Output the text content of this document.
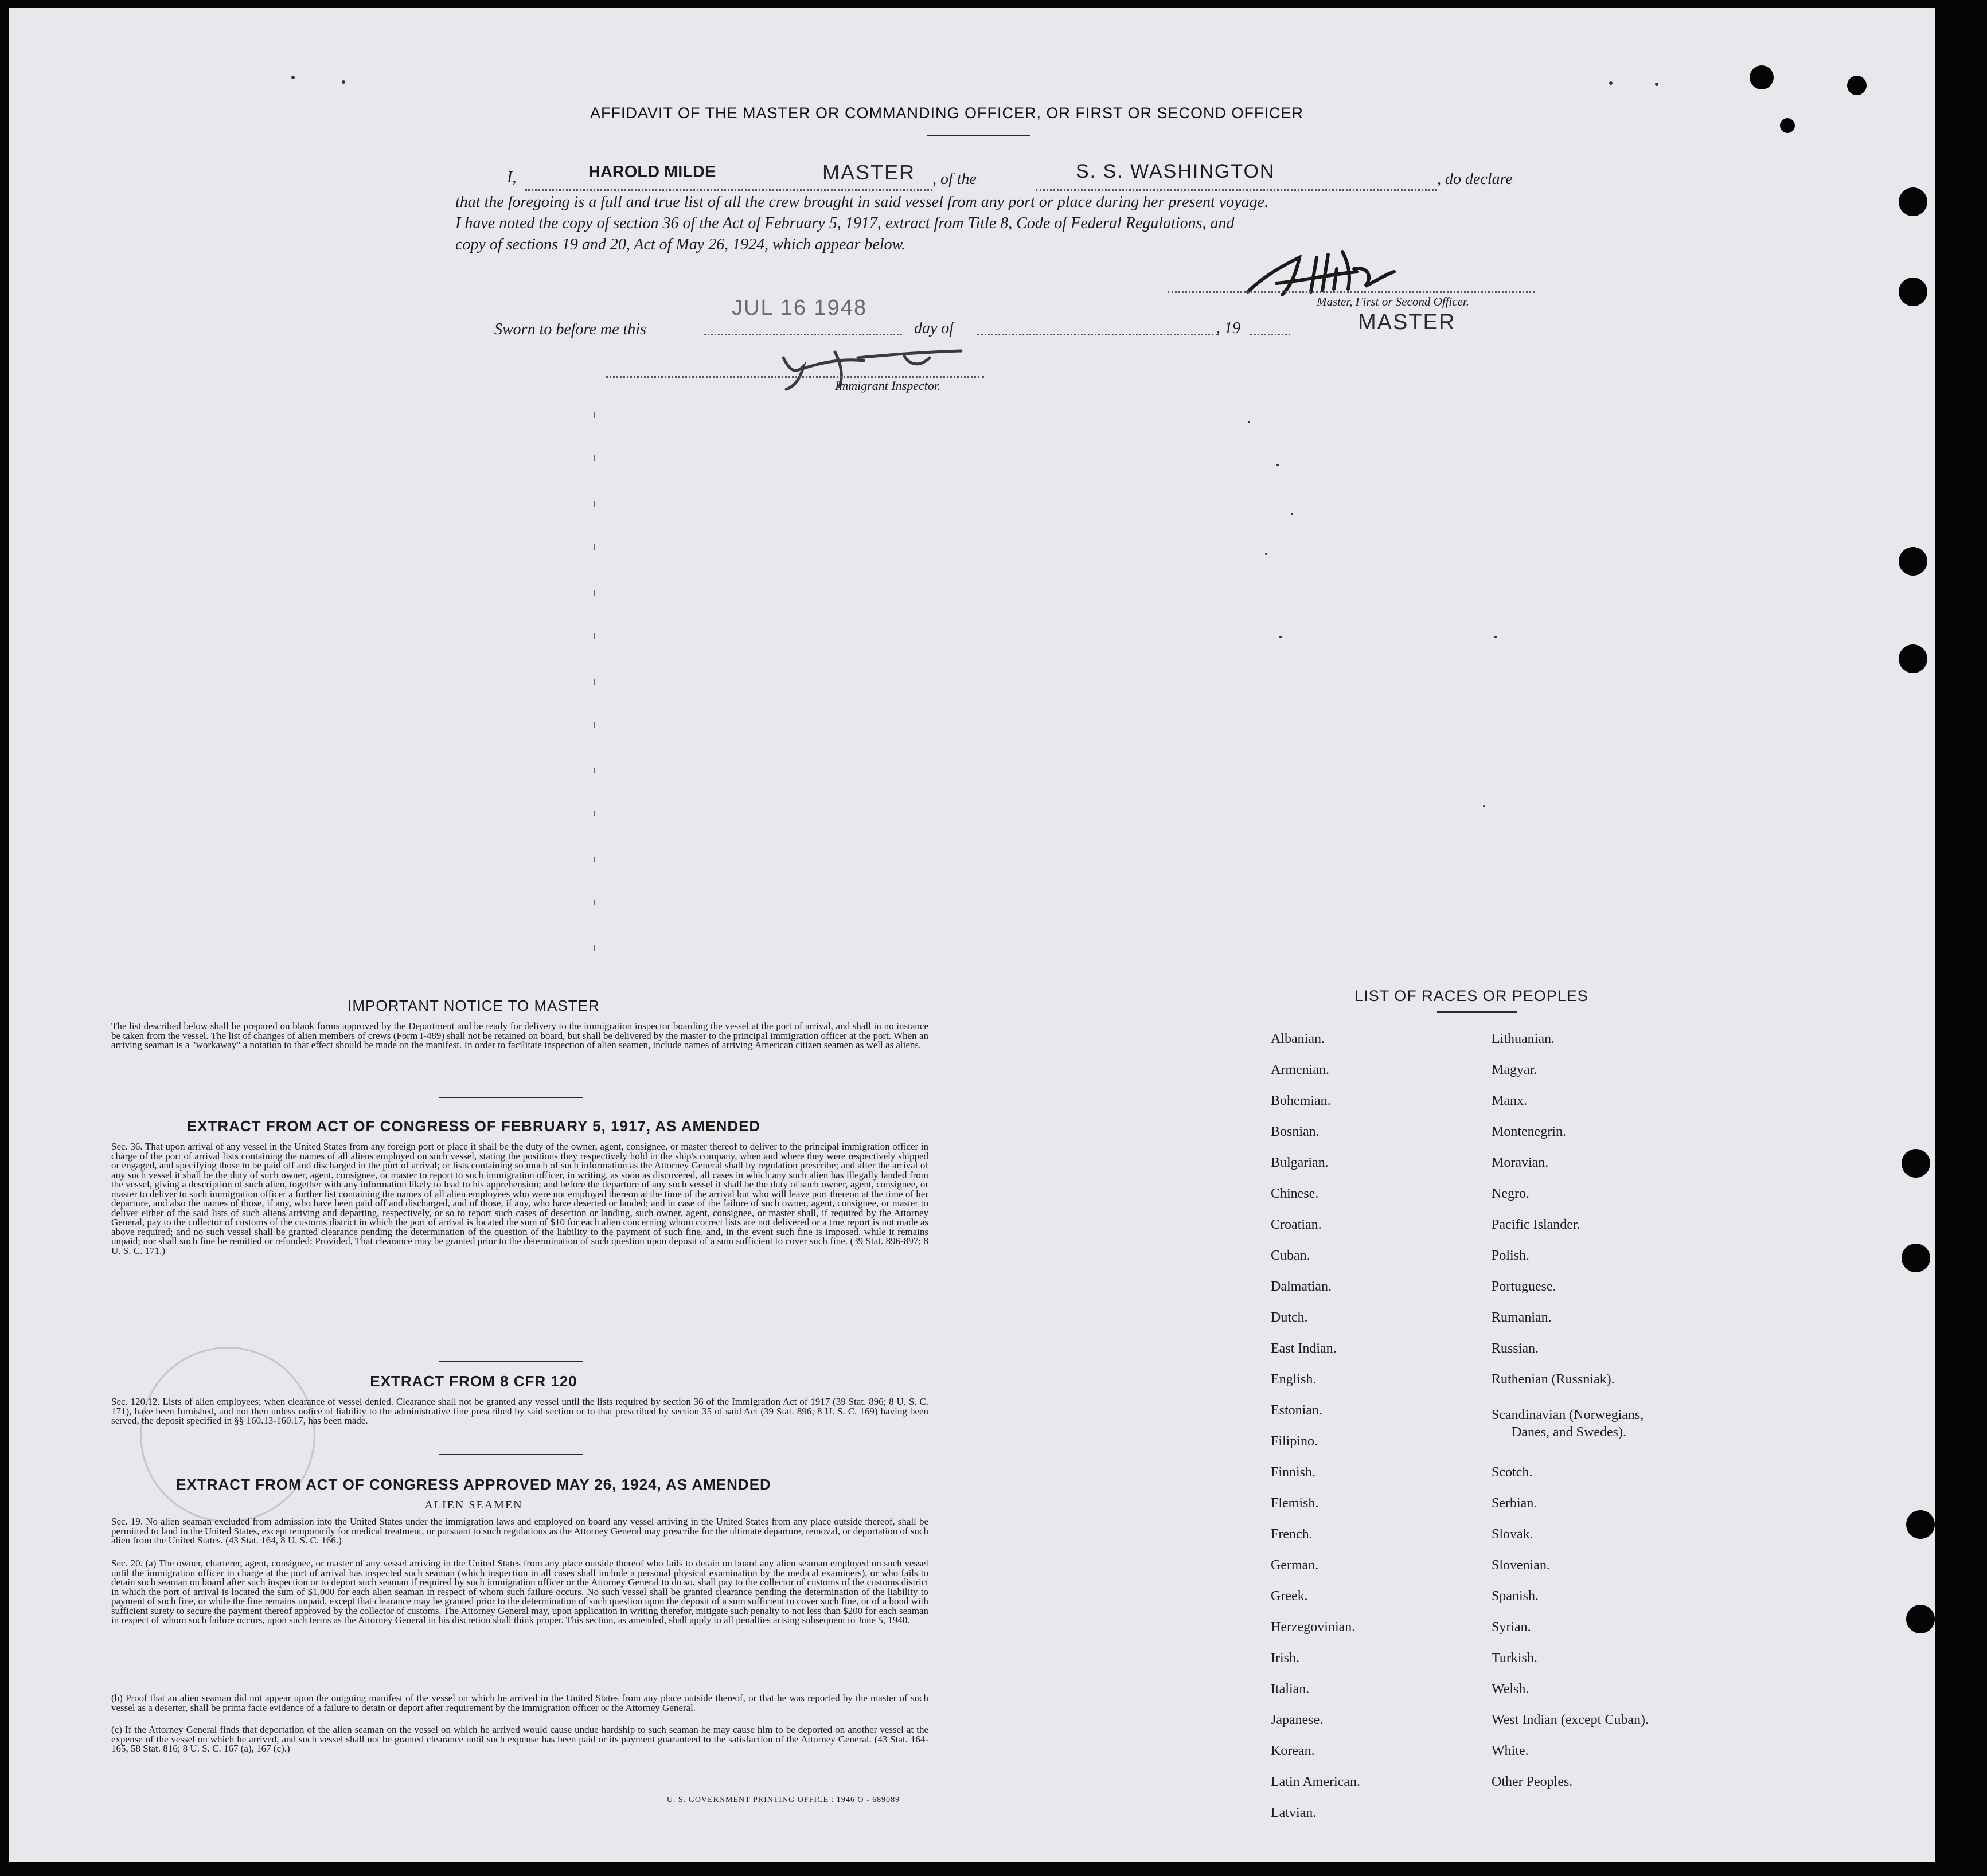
AFFIDAVIT OF THE MASTER OR COMMANDING OFFICER, OR FIRST OR SECOND OFFICER
I,	HAROLD MILDE	MASTER , of the	S. S. WASHINGTON	, do declare
that the foregoing is a full and true list of all the crew brought in said vessel from any port or place during her present voyage.
I have noted the copy of section 36 of the Act of February 5, 1917, extract from Title 8, Code of Federal Regulations, and
copy of sections 19 and 20, Act of May 26, 1924, which appear below.
Master, First or Second Officer.
MASTER
Sworn to before me this
JUL 16 1948
day of	, 19
Immigrant Inspector.
IMPORTANT NOTICE TO MASTER
The list described below shall be prepared on blank forms approved by the Department and be ready for delivery to the immigration inspector boarding the vessel at the port of arrival, and shall in no instance be taken from the vessel. The list of changes of alien members of crews (Form I-489) shall not be retained on board, but shall be delivered by the master to the principal immigration officer at the port. When an arriving seaman is a "workaway" a notation to that effect should be made on the manifest. In order to facilitate inspection of alien seamen, include names of arriving American citizen seamen as well as aliens.
EXTRACT FROM ACT OF CONGRESS OF FEBRUARY 5, 1917, AS AMENDED
Sec. 36. That upon arrival of any vessel in the United States from any foreign port or place it shall be the duty of the owner, agent, consignee, or master thereof to deliver to the principal immigration officer in charge of the port of arrival lists containing the names of all aliens employed on such vessel, stating the positions they respectively hold in the ship's company, when and where they were respectively shipped or engaged, and specifying those to be paid off and discharged in the port of arrival; or lists containing so much of such information as the Attorney General shall by regulation prescribe; and after the arrival of any such vessel it shall be the duty of such owner, agent, consignee, or master to report to such immigration officer, in writing, as soon as discovered, all cases in which any such alien has illegally landed from the vessel, giving a description of such alien, together with any information likely to lead to his apprehension; and before the departure of any such vessel it shall be the duty of such owner, agent, consignee, or master to deliver to such immigration officer a further list containing the names of all alien employees who were not employed thereon at the time of the arrival but who will leave port thereon at the time of her departure, and also the names of those, if any, who have been paid off and discharged, and of those, if any, who have deserted or landed; and in case of the failure of such owner, agent, consignee, or master to deliver either of the said lists of such aliens arriving and departing, respectively, or so to report such cases of desertion or landing, such owner, agent, consignee, or master shall, if required by the Attorney General, pay to the collector of customs of the customs district in which the port of arrival is located the sum of $10 for each alien concerning whom correct lists are not delivered or a true report is not made as above required; and no such vessel shall be granted clearance pending the determination of the question of the liability to the payment of such fine, and, in the event such fine is imposed, while it remains unpaid; nor shall such fine be remitted or refunded: Provided, That clearance may be granted prior to the determination of such question upon deposit of a sum sufficient to cover such fine. (39 Stat. 896-897; 8 U. S. C. 171.)
EXTRACT FROM 8 CFR 120
Sec. 120.12. Lists of alien employees; when clearance of vessel denied. Clearance shall not be granted any vessel until the lists required by section 36 of the Immigration Act of 1917 (39 Stat. 896; 8 U. S. C. 171), have been furnished, and not then unless notice of liability to the administrative fine prescribed by said section or to that prescribed by section 35 of said Act (39 Stat. 896; 8 U. S. C. 169) having been served, the deposit specified in §§ 160.13-160.17, has been made.
EXTRACT FROM ACT OF CONGRESS APPROVED MAY 26, 1924, AS AMENDED
ALIEN SEAMEN
Sec. 19. No alien seaman excluded from admission into the United States under the immigration laws and employed on board any vessel arriving in the United States from any place outside thereof, shall be permitted to land in the United States, except temporarily for medical treatment, or pursuant to such regulations as the Attorney General may prescribe for the ultimate departure, removal, or deportation of such alien from the United States. (43 Stat. 164, 8 U. S. C. 166.)
Sec. 20. (a) The owner, charterer, agent, consignee, or master of any vessel arriving in the United States from any place outside thereof who fails to detain on board any alien seaman employed on such vessel until the immigration officer in charge at the port of arrival has inspected such seaman (which inspection in all cases shall include a personal physical examination by the medical examiners), or who fails to detain such seaman on board after such inspection or to deport such seaman if required by such immigration officer or the Attorney General to do so, shall pay to the collector of customs of the customs district in which the port of arrival is located the sum of $1,000 for each alien seaman in respect of whom such failure occurs. No such vessel shall be granted clearance pending the determination of the liability to payment of such fine, or while the fine remains unpaid, except that clearance may be granted prior to the determination of such question upon the deposit of a sum sufficient to cover such fine, or of a bond with sufficient surety to secure the payment thereof approved by the collector of customs. The Attorney General may, upon application in writing therefor, mitigate such penalty to not less than $200 for each seaman in respect of whom such failure occurs, upon such terms as the Attorney General in his discretion shall think proper. This section, as amended, shall apply to all penalties arising subsequent to June 5, 1940.
(b) Proof that an alien seaman did not appear upon the outgoing manifest of the vessel on which he arrived in the United States from any place outside thereof, or that he was reported by the master of such vessel as a deserter, shall be prima facie evidence of a failure to detain or deport after requirement by the immigration officer or the Attorney General.
(c) If the Attorney General finds that deportation of the alien seaman on the vessel on which he arrived would cause undue hardship to such seaman he may cause him to be deported on another vessel at the expense of the vessel on which he arrived, and such vessel shall not be granted clearance until such expense has been paid or its payment guaranteed to the satisfaction of the Attorney General. (43 Stat. 164-165, 58 Stat. 816; 8 U. S. C. 167 (a), 167 (c).)
U. S. GOVERNMENT PRINTING OFFICE : 1946 O - 689089
LIST OF RACES OR PEOPLES
Albanian.
Armenian.
Bohemian.
Bosnian.
Bulgarian.
Chinese.
Croatian.
Cuban.
Dalmatian.
Dutch.
East Indian.
English.
Estonian.
Filipino.
Finnish.
Flemish.
French.
German.
Greek.
Herzegovinian.
Irish.
Italian.
Japanese.
Korean.
Latin American.
Latvian.
Lithuanian.
Magyar.
Manx.
Montenegrin.
Moravian.
Negro.
Pacific Islander.
Polish.
Portuguese.
Rumanian.
Russian.
Ruthenian (Russniak).
Scandinavian (Norwegians,
Danes, and Swedes).
Scotch.
Serbian.
Slovak.
Slovenian.
Spanish.
Syrian.
Turkish.
Welsh.
West Indian (except Cuban).
White.
Other Peoples.
